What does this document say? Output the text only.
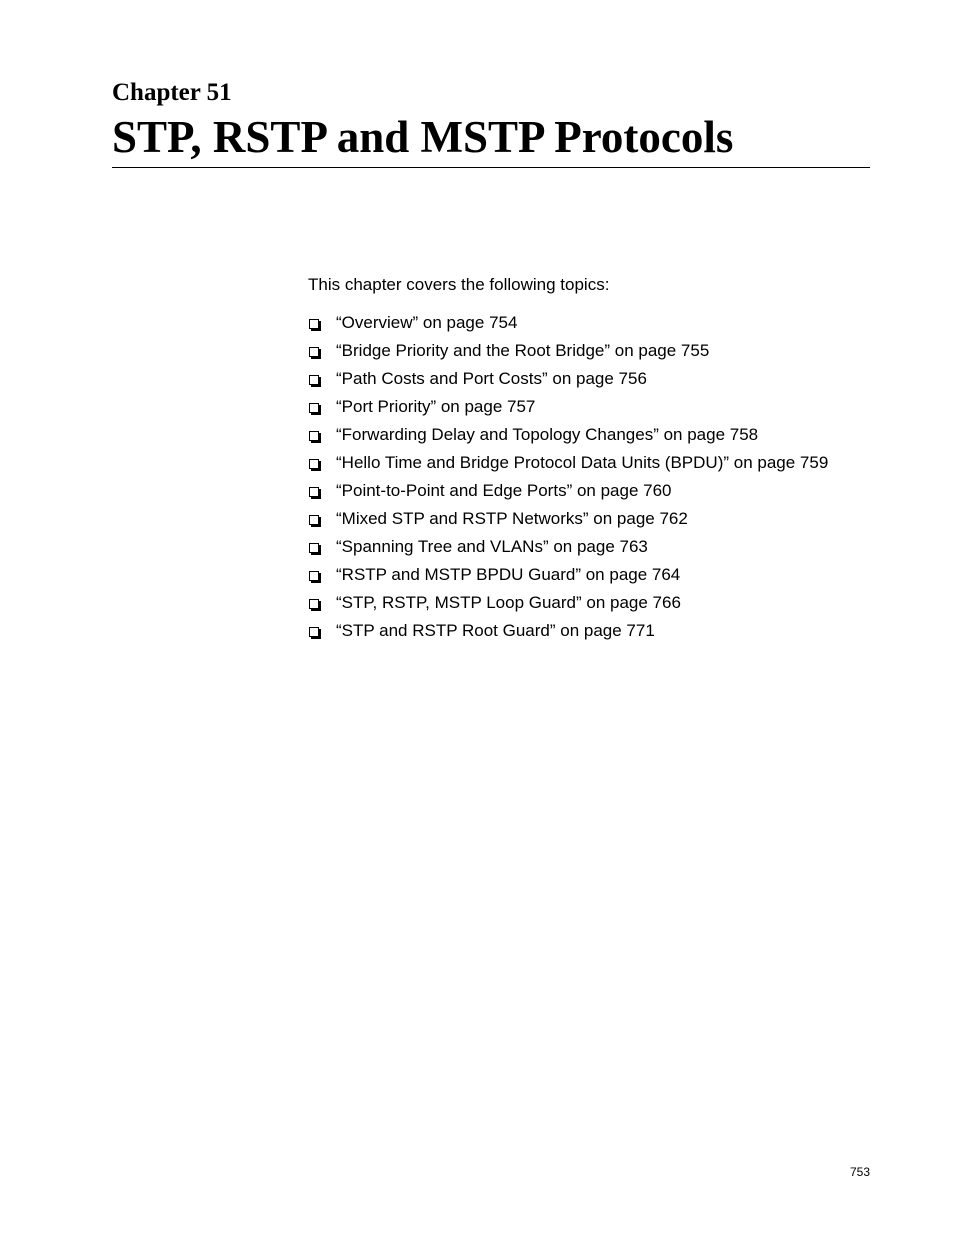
Chapter 51
STP, RSTP and MSTP Protocols

This chapter covers the following topics:

“Overview” on page 754
“Bridge Priority and the Root Bridge” on page 755
“Path Costs and Port Costs” on page 756
“Port Priority” on page 757
“Forwarding Delay and Topology Changes” on page 758
“Hello Time and Bridge Protocol Data Units (BPDU)” on page 759
“Point-to-Point and Edge Ports” on page 760
“Mixed STP and RSTP Networks” on page 762
“Spanning Tree and VLANs” on page 763
“RSTP and MSTP BPDU Guard” on page 764
“STP, RSTP, MSTP Loop Guard” on page 766
“STP and RSTP Root Guard” on page 771
753
